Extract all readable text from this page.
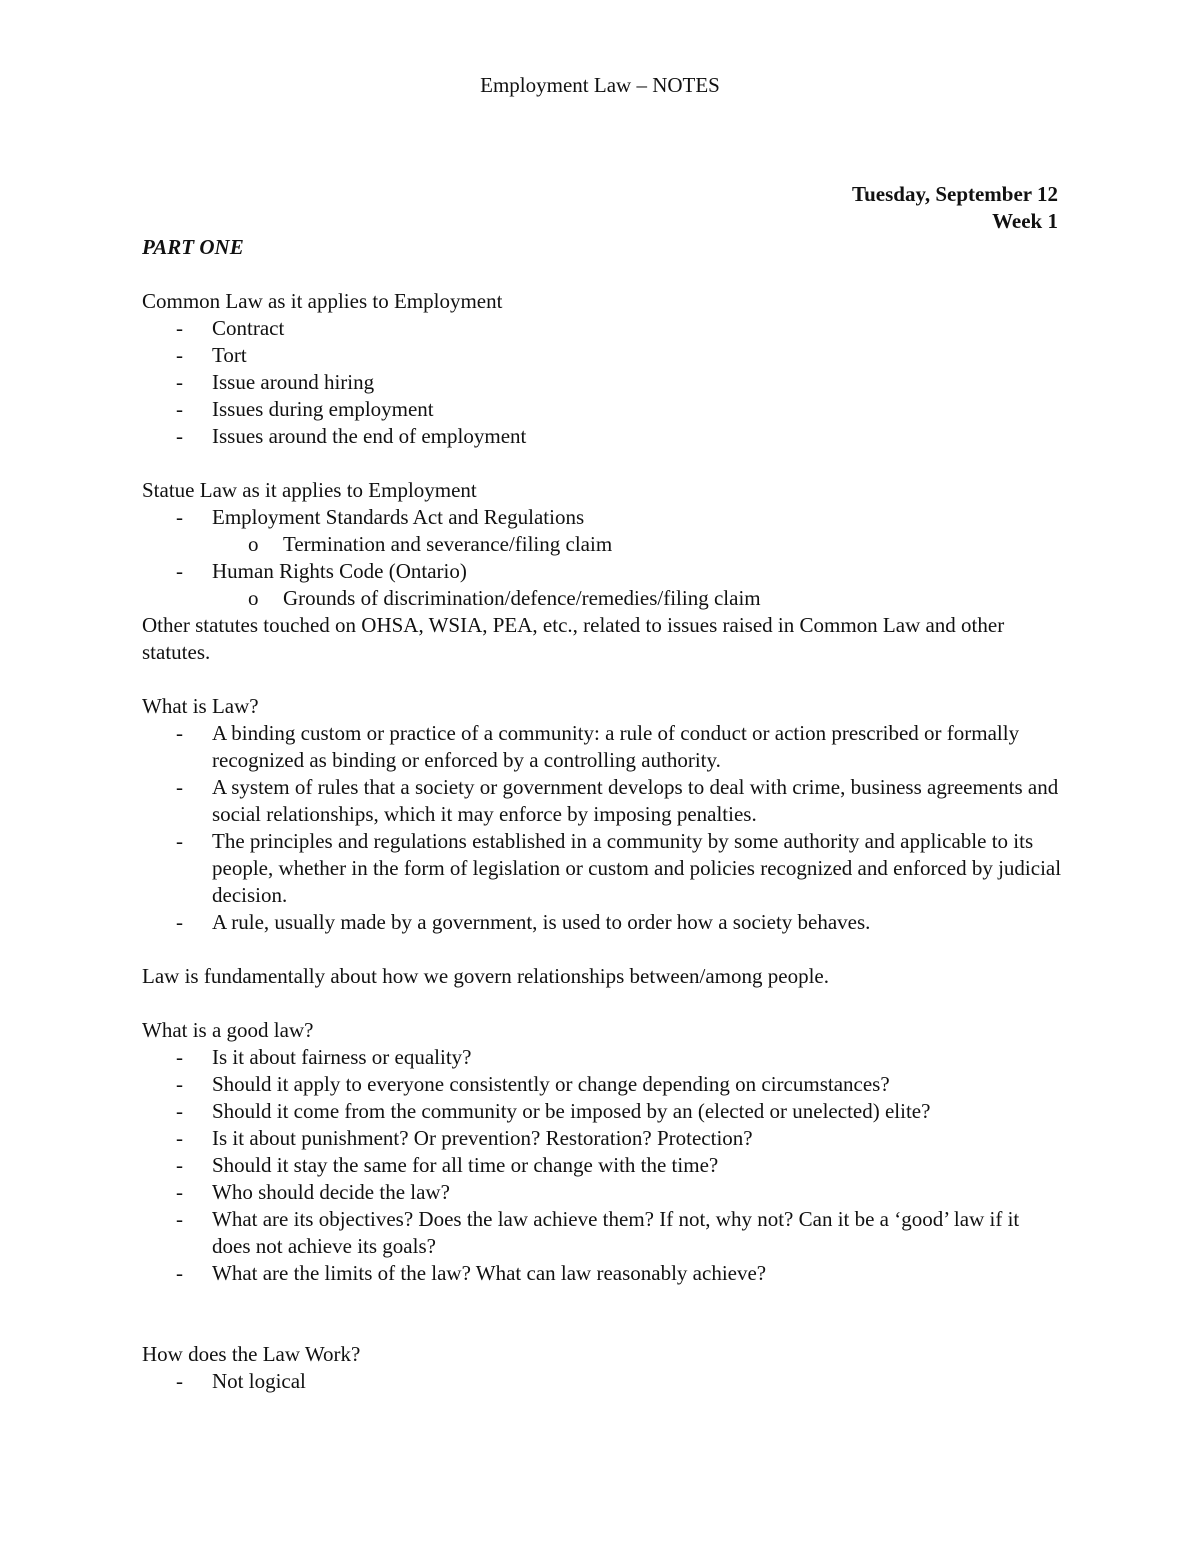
Employment Law – NOTES
Tuesday, September 12
Week 1
PART ONE
Common Law as it applies to Employment
- Contract
- Tort
- Issue around hiring
- Issues during employment
- Issues around the end of employment
Statue Law as it applies to Employment
- Employment Standards Act and Regulations
o Termination and severance/filing claim
- Human Rights Code (Ontario)
o Grounds of discrimination/defence/remedies/filing claim
Other statutes touched on OHSA, WSIA, PEA, etc., related to issues raised in Common Law and other statutes.
What is Law?
- A binding custom or practice of a community: a rule of conduct or action prescribed or formally recognized as binding or enforced by a controlling authority.
- A system of rules that a society or government develops to deal with crime, business agreements and social relationships, which it may enforce by imposing penalties.
- The principles and regulations established in a community by some authority and applicable to its people, whether in the form of legislation or custom and policies recognized and enforced by judicial decision.
- A rule, usually made by a government, is used to order how a society behaves.
Law is fundamentally about how we govern relationships between/among people.
What is a good law?
- Is it about fairness or equality?
- Should it apply to everyone consistently or change depending on circumstances?
- Should it come from the community or be imposed by an (elected or unelected) elite?
- Is it about punishment? Or prevention? Restoration? Protection?
- Should it stay the same for all time or change with the time?
- Who should decide the law?
- What are its objectives? Does the law achieve them? If not, why not? Can it be a ‘good’ law if it does not achieve its goals?
- What are the limits of the law? What can law reasonably achieve?
How does the Law Work?
- Not logical
